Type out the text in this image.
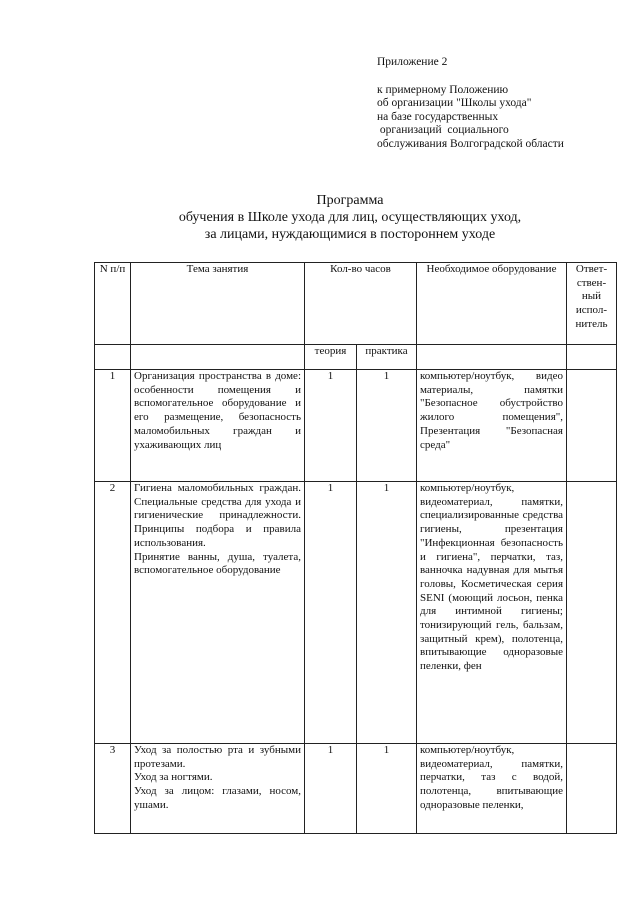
Приложение 2
к примерному Положению
об организации "Школы ухода"
на базе государственных
организаций  социального
обслуживания Волгоградской области
Программа
обучения в Школе ухода для лиц, осуществляющих уход,
за лицами, нуждающимися в постороннем уходе
N п/п	Тема занятия	Кол-во часов		Необходимое оборудование	Ответ-ствен-ный испол-нитель
		теория	практика		
1	Организация пространства в доме: особенности помещения и вспомогательное оборудование и его размещение, безопасность маломобильных граждан и ухаживающих лиц	1	1	компьютер/ноутбук, видео материалы, памятки "Безопасное обустройство жилого помещения", Презентация "Безопасная среда"	
2	Гигиена маломобильных граждан. Специальные средства для ухода и гигиенические принадлежности. Принципы подбора и правила использования.
Принятие ванны, душа, туалета, вспомогательное оборудование	1	1	компьютер/ноутбук, видеоматериал, памятки, специализированные средства гигиены, презентация "Инфекционная безопасность и гигиена", перчатки, таз, ванночка надувная для мытья головы, Косметическая серия SENI (моющий лосьон, пенка для интимной гигиены; тонизирующий гель, бальзам, защитный крем), полотенца, впитывающие одноразовые пеленки, фен	
3	Уход за полостью рта и зубными протезами.
Уход за ногтями.
Уход за лицом: глазами, носом, ушами.	1	1	компьютер/ноутбук, видеоматериал, памятки, перчатки, таз с водой, полотенца, впитывающие одноразовые пеленки,	
